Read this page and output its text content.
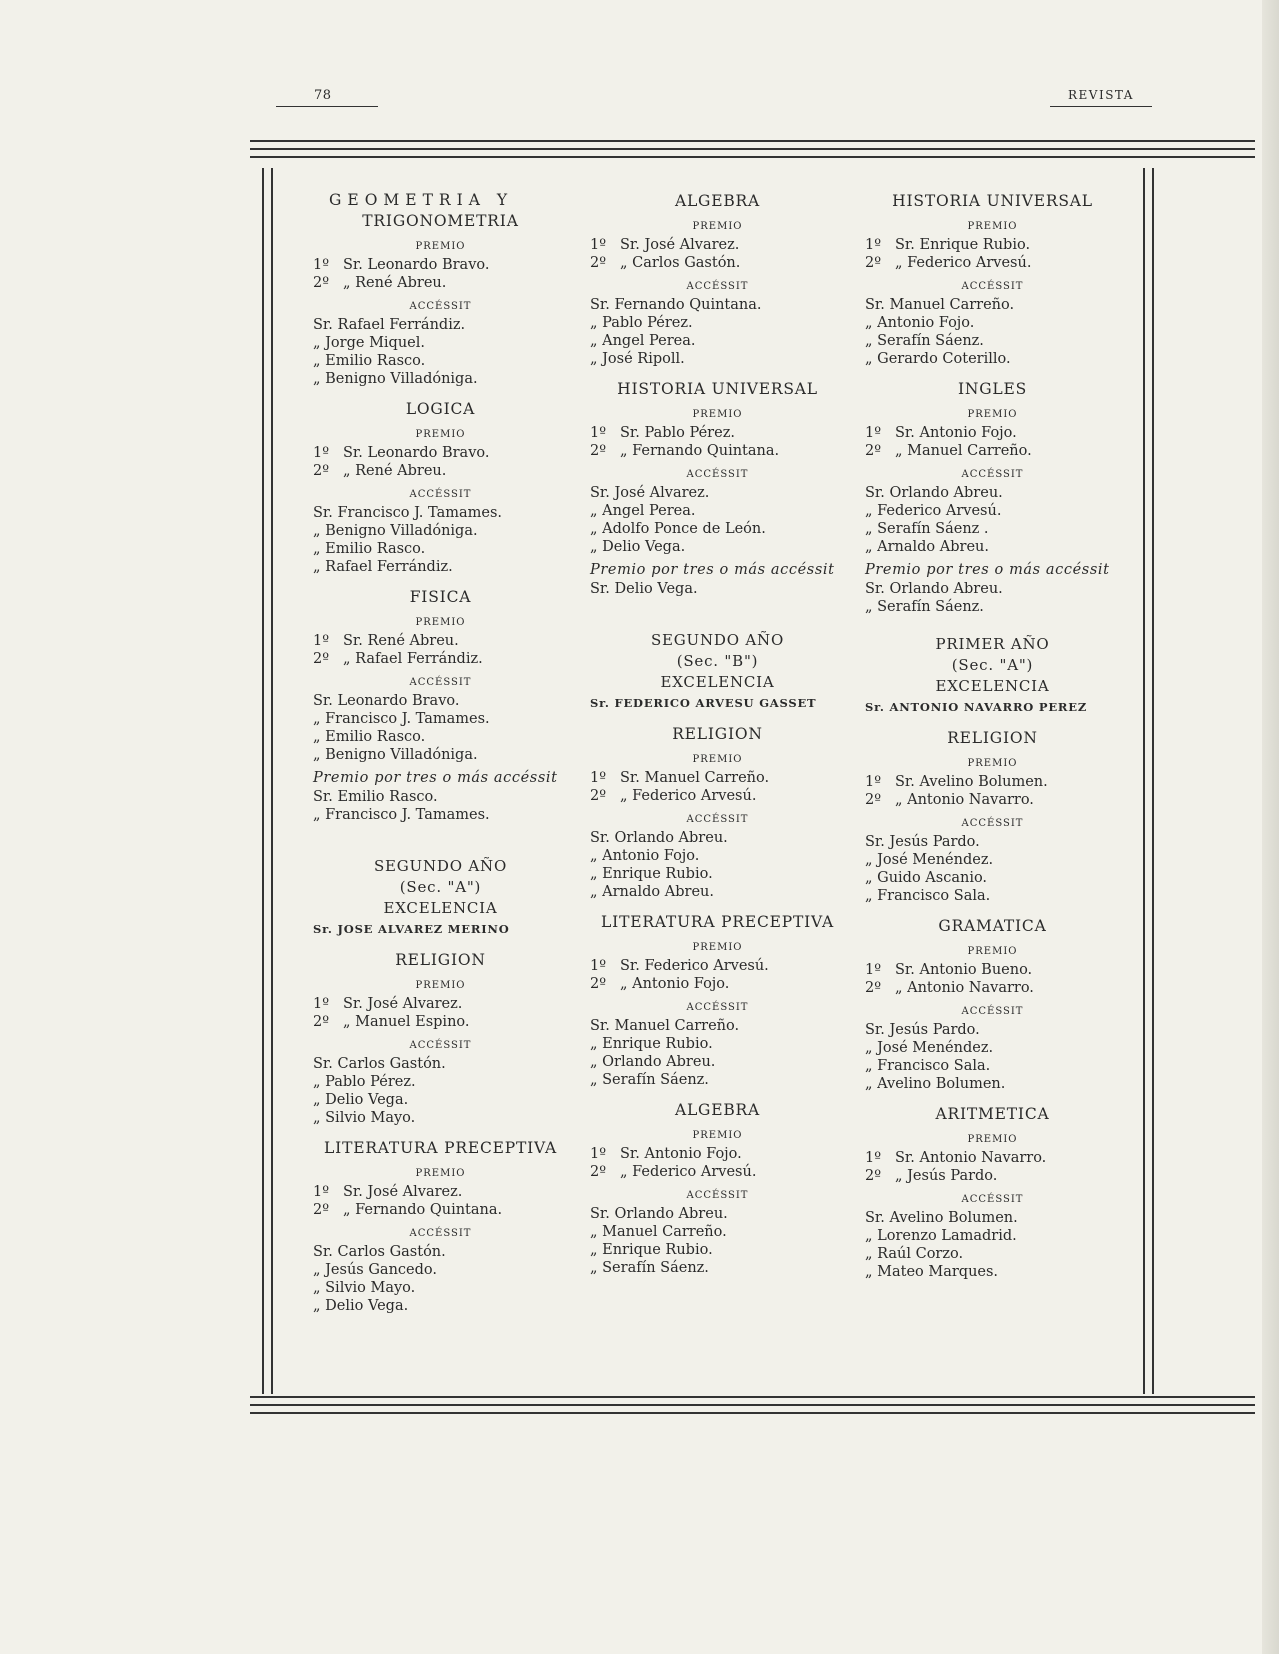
78	REVISTA
GEOMETRIA Y
TRIGONOMETRIA
PREMIO
1º Sr. Leonardo Bravo.
2º „ René Abreu.
ACCÉSSIT
Sr. Rafael Ferrándiz.
„ Jorge Miquel.
„ Emilio Rasco.
„ Benigno Villadóniga.
LOGICA
PREMIO
1º Sr. Leonardo Bravo.
2º „ René Abreu.
ACCÉSSIT
Sr. Francisco J. Tamames.
„ Benigno Villadóniga.
„ Emilio Rasco.
„ Rafael Ferrándiz.
FISICA
PREMIO
1º Sr. René Abreu.
2º „ Rafael Ferrándiz.
ACCÉSSIT
Sr. Leonardo Bravo.
„ Francisco J. Tamames.
„ Emilio Rasco.
„ Benigno Villadóniga.
Premio por tres o más accéssit
Sr. Emilio Rasco.
„ Francisco J. Tamames.
SEGUNDO AÑO
(Sec. "A")
EXCELENCIA
Sr. JOSE ALVAREZ MERINO
RELIGION
PREMIO
1º Sr. José Alvarez.
2º „ Manuel Espino.
ACCÉSSIT
Sr. Carlos Gastón.
„ Pablo Pérez.
„ Delio Vega.
„ Silvio Mayo.
LITERATURA PRECEPTIVA
PREMIO
1º Sr. José Alvarez.
2º „ Fernando Quintana.
ACCÉSSIT
Sr. Carlos Gastón.
„ Jesús Gancedo.
„ Silvio Mayo.
„ Delio Vega.
ALGEBRA
PREMIO
1º Sr. José Alvarez.
2º „ Carlos Gastón.
ACCÉSSIT
Sr. Fernando Quintana.
„ Pablo Pérez.
„ Angel Perea.
„ José Ripoll.
HISTORIA UNIVERSAL
PREMIO
1º Sr. Pablo Pérez.
2º „ Fernando Quintana.
ACCÉSSIT
Sr. José Alvarez.
„ Angel Perea.
„ Adolfo Ponce de León.
„ Delio Vega.
Premio por tres o más accéssit
Sr. Delio Vega.
SEGUNDO AÑO
(Sec. "B")
EXCELENCIA
Sr. FEDERICO ARVESU GASSET
RELIGION
PREMIO
1º Sr. Manuel Carreño.
2º „ Federico Arvesú.
ACCÉSSIT
Sr. Orlando Abreu.
„ Antonio Fojo.
„ Enrique Rubio.
„ Arnaldo Abreu.
LITERATURA PRECEPTIVA
PREMIO
1º Sr. Federico Arvesú.
2º „ Antonio Fojo.
ACCÉSSIT
Sr. Manuel Carreño.
„ Enrique Rubio.
„ Orlando Abreu.
„ Serafín Sáenz.
ALGEBRA
PREMIO
1º Sr. Antonio Fojo.
2º „ Federico Arvesú.
ACCÉSSIT
Sr. Orlando Abreu.
„ Manuel Carreño.
„ Enrique Rubio.
„ Serafín Sáenz.
HISTORIA UNIVERSAL
PREMIO
1º Sr. Enrique Rubio.
2º „ Federico Arvesú.
ACCÉSSIT
Sr. Manuel Carreño.
„ Antonio Fojo.
„ Serafín Sáenz.
„ Gerardo Coterillo.
INGLES
PREMIO
1º Sr. Antonio Fojo.
2º „ Manuel Carreño.
ACCÉSSIT
Sr. Orlando Abreu.
„ Federico Arvesú.
„ Serafín Sáenz .
„ Arnaldo Abreu.
Premio por tres o más accéssit
Sr. Orlando Abreu.
„ Serafín Sáenz.
PRIMER AÑO
(Sec. "A")
EXCELENCIA
Sr. ANTONIO NAVARRO PEREZ
RELIGION
PREMIO
1º Sr. Avelino Bolumen.
2º „ Antonio Navarro.
ACCÉSSIT
Sr. Jesús Pardo.
„ José Menéndez.
„ Guido Ascanio.
„ Francisco Sala.
GRAMATICA
PREMIO
1º Sr. Antonio Bueno.
2º „ Antonio Navarro.
ACCÉSSIT
Sr. Jesús Pardo.
„ José Menéndez.
„ Francisco Sala.
„ Avelino Bolumen.
ARITMETICA
PREMIO
1º Sr. Antonio Navarro.
2º „ Jesús Pardo.
ACCÉSSIT
Sr. Avelino Bolumen.
„ Lorenzo Lamadrid.
„ Raúl Corzo.
„ Mateo Marques.
